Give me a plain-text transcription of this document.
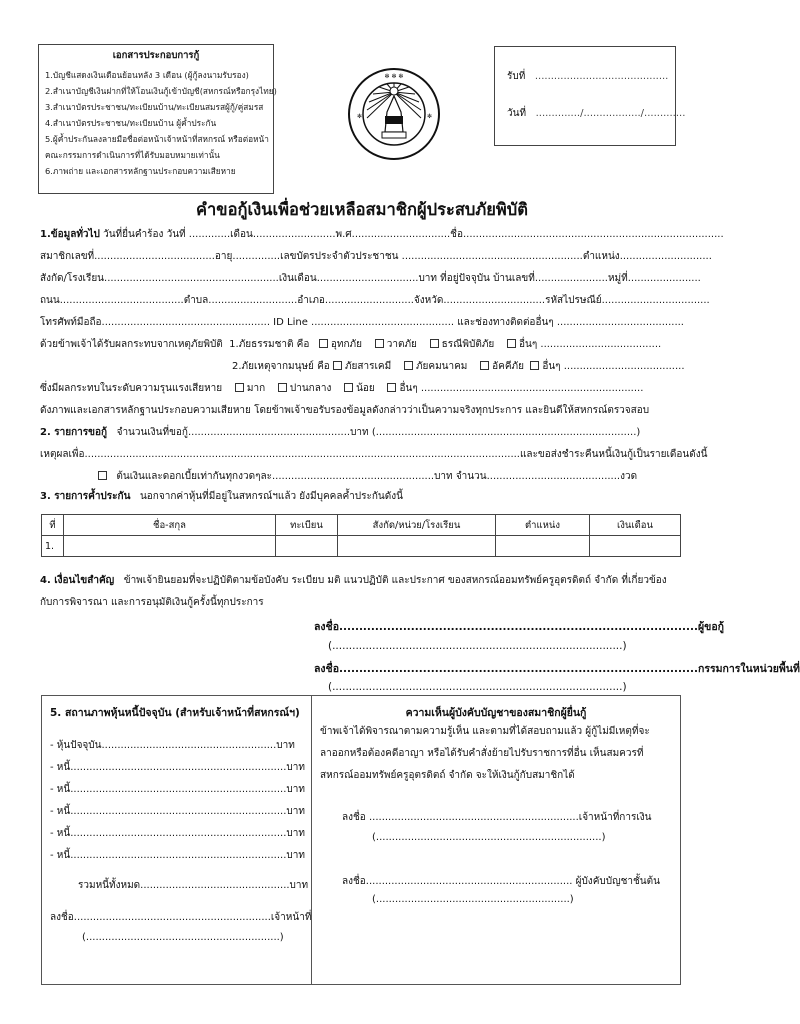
เอกสารประกอบการกู้
1.บัญชีแสดงเงินเดือนย้อนหลัง 3 เดือน (ผู้กู้ลงนามรับรอง)
2.สำเนาบัญชีเงินฝากที่ให้โอนเงินกู้เข้าบัญชี(สหกรณ์หรือกรุงไทย)
3.สำเนาบัตรประชาชน/ทะเบียนบ้าน/ทะเบียนสมรสผู้กู้/คู่สมรส
4.สำเนาบัตรประชาชน/ทะเบียนบ้าน ผู้ค้ำประกัน
5.ผู้ค้ำประกันลงลายมือชื่อต่อหน้าเจ้าหน้าที่สหกรณ์ หรือต่อหน้า
คณะกรรมการดำเนินการที่ได้รับมอบหมายเท่านั้น
6.ภาพถ่าย และเอกสารหลักฐานประกอบความเสียหาย
✻ ✻ ✻
✻	✻
รับที่ ..........................................
วันที่ ............../................../.............
คำขอกู้เงินเพื่อช่วยเหลือสมาชิกผู้ประสบภัยพิบัติ
1.ข้อมูลทั่วไป วันที่ยื่นคำร้อง วันที่ .............เดือน..........................พ.ศ...............................ชื่อ..................................................................................
สมาชิกเลขที่......................................อายุ...............เลขบัตรประจำตัวประชาชน .........................................................ตำแหน่ง.............................
สังกัด/โรงเรียน.......................................................เงินเดือน................................บาท ที่อยู่ปัจจุบัน บ้านเลขที่.......................หมู่ที่.......................
ถนน.......................................ตำบล............................อำเภอ............................จังหวัด................................รหัสไปรษณีย์..................................
โทรศัพท์มือถือ..................................................... ID Line ............................................. และช่องทางติดต่ออื่นๆ ........................................
ด้วยข้าพเจ้าได้รับผลกระทบจากเหตุภัยพิบัติ 1.ภัยธรรมชาติ คือ อุทกภัย วาตภัย ธรณีพิบัติภัย อื่นๆ ......................................
2.ภัยเหตุจากมนุษย์ คือ ภัยสารเคมี ภัยคมนาคม อัคคีภัย อื่นๆ ......................................
ซึ่งมีผลกระทบในระดับความรุนแรงเสียหาย มาก ปานกลาง น้อย อื่นๆ ......................................................................
ดังภาพและเอกสารหลักฐานประกอบความเสียหาย โดยข้าพเจ้าขอรับรองข้อมูลดังกล่าวว่าเป็นความจริงทุกประการ และยินดีให้สหกรณ์ตรวจสอบ
2. รายการขอกู้ จำนวนเงินที่ขอกู้...................................................บาท (..................................................................................)
เหตุผลเพื่อ.........................................................................................................................................และขอส่งชำระคืนหนี้เงินกู้เป็นรายเดือนดังนี้
ต้นเงินและดอกเบี้ยเท่ากันทุกงวดๆละ...................................................บาท จำนวน..........................................งวด
3. รายการค้ำประกัน นอกจากค่าหุ้นที่มีอยู่ในสหกรณ์ฯแล้ว ยังมีบุคคลค้ำประกันดังนี้
ที่	ชื่อ-สกุล	ทะเบียน	สังกัด/หน่วย/โรงเรียน	ตำแหน่ง	เงินเดือน
1.					
4. เงื่อนไขสำคัญ ข้าพเจ้ายินยอมที่จะปฏิบัติตามข้อบังคับ ระเบียบ มติ แนวปฏิบัติ และประกาศ ของสหกรณ์ออมทรัพย์ครูอุตรดิตถ์ จำกัด ที่เกี่ยวข้อง
กับการพิจารณา และการอนุมัติเงินกู้ครั้งนี้ทุกประการ
ลงชื่อ..........................................................................................ผู้ขอกู้
(.......................................................................................)
ลงชื่อ..........................................................................................กรรมการในหน่วยพื้นที่
(.......................................................................................)
5. สถานภาพหุ้นหนี้ปัจจุบัน (สำหรับเจ้าหน้าที่สหกรณ์ฯ)
- หุ้นปัจจุบัน.......................................................บาท
- หนี้....................................................................บาท
- หนี้....................................................................บาท
- หนี้....................................................................บาท
- หนี้....................................................................บาท
- หนี้....................................................................บาท
รวมหนี้ทั้งหมด...............................................บาท
ลงชื่อ..............................................................เจ้าหน้าที่
(.............................................................)
ความเห็นผู้บังคับบัญชาของสมาชิกผู้ยื่นกู้
ข้าพเจ้าได้พิจารณาตามความรู้เห็น และตามที่ได้สอบถามแล้ว ผู้กู้ไม่มีเหตุที่จะ
ลาออกหรือต้องคดีอาญา หรือได้รับคำสั่งย้ายไปรับราชการที่อื่น เห็นสมควรที่
สหกรณ์ออมทรัพย์ครูอุตรดิตถ์ จำกัด จะให้เงินกู้กับสมาชิกได้
ลงชื่อ ..................................................................เจ้าหน้าที่การเงิน
(.......................................................................)
ลงชื่อ................................................................. ผู้บังคับบัญชาชั้นต้น
(.............................................................)
